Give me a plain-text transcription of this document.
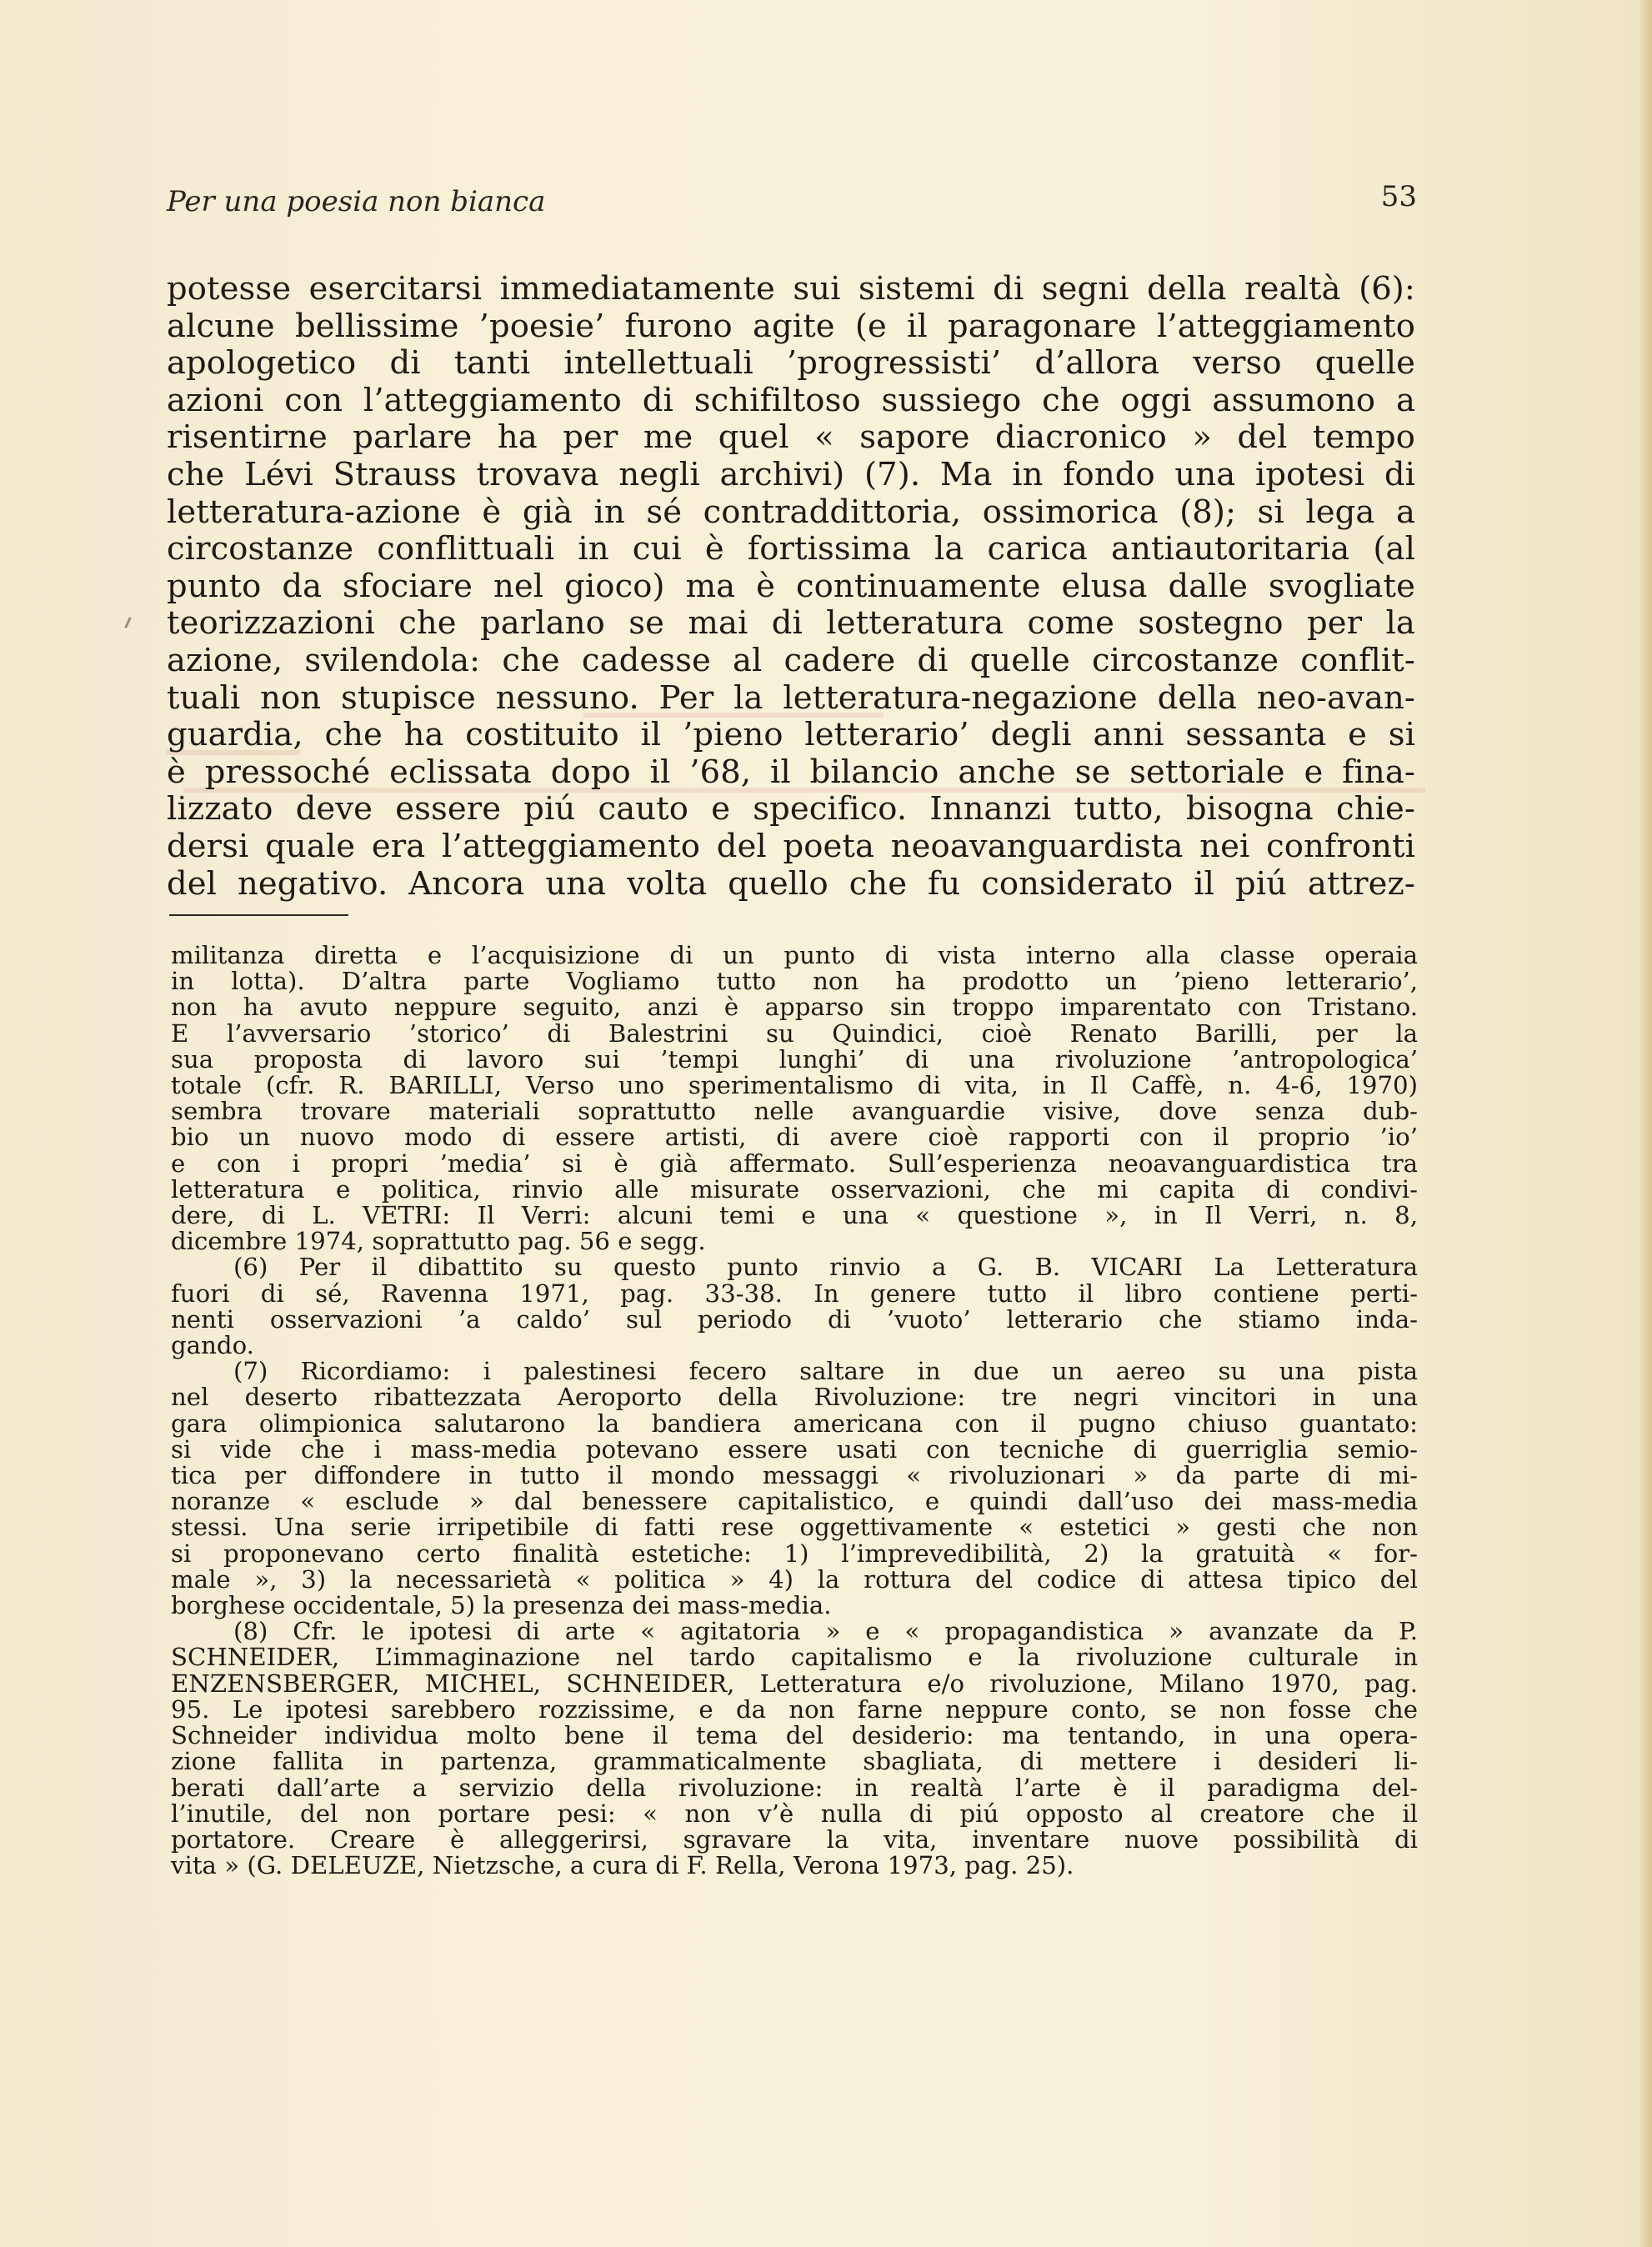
Per una poesia non bianca	53
potesse esercitarsi immediatamente sui sistemi di segni della realtà (6):
alcune bellissime ’poesie’ furono agite (e il paragonare l’atteggiamento
apologetico di tanti intellettuali ’progressisti’ d’allora verso quelle
azioni con l’atteggiamento di schifiltoso sussiego che oggi assumono a
risentirne parlare ha per me quel « sapore diacronico » del tempo
che Lévi Strauss trovava negli archivi) (7). Ma in fondo una ipotesi di
letteratura-azione è già in sé contraddittoria, ossimorica (8); si lega a
circostanze conflittuali in cui è fortissima la carica antiautoritaria (al
punto da sfociare nel gioco) ma è continuamente elusa dalle svogliate
teorizzazioni che parlano se mai di letteratura come sostegno per la
azione, svilendola: che cadesse al cadere di quelle circostanze conflit-
tuali non stupisce nessuno. Per la letteratura-negazione della neo-avan-
guardia, che ha costituito il ’pieno letterario’ degli anni sessanta e si
è pressoché eclissata dopo il ’68, il bilancio anche se settoriale e fina-
lizzato deve essere piú cauto e specifico. Innanzi tutto, bisogna chie-
dersi quale era l’atteggiamento del poeta neoavanguardista nei confronti
del negativo. Ancora una volta quello che fu considerato il piú attrez-
militanza diretta e l’acquisizione di un punto di vista interno alla classe operaia
in lotta). D’altra parte Vogliamo tutto non ha prodotto un ’pieno letterario’,
non ha avuto neppure seguito, anzi è apparso sin troppo imparentato con Tristano.
E l’avversario ’storico’ di Balestrini su Quindici, cioè Renato Barilli, per la
sua proposta di lavoro sui ’tempi lunghi’ di una rivoluzione ’antropologica’
totale (cfr. R. BARILLI, Verso uno sperimentalismo di vita, in Il Caffè, n. 4-6, 1970)
sembra trovare materiali soprattutto nelle avanguardie visive, dove senza dub-
bio un nuovo modo di essere artisti, di avere cioè rapporti con il proprio ’io’
e con i propri ’media’ si è già affermato. Sull’esperienza neoavanguardistica tra
letteratura e politica, rinvio alle misurate osservazioni, che mi capita di condivi-
dere, di L. VETRI: Il Verri: alcuni temi e una « questione », in Il Verri, n. 8,
dicembre 1974, soprattutto pag. 56 e segg.
(6) Per il dibattito su questo punto rinvio a G. B. VICARI La Letteratura
fuori di sé, Ravenna 1971, pag. 33-38. In genere tutto il libro contiene perti-
nenti osservazioni ’a caldo’ sul periodo di ’vuoto’ letterario che stiamo inda-
gando.
(7) Ricordiamo: i palestinesi fecero saltare in due un aereo su una pista
nel deserto ribattezzata Aeroporto della Rivoluzione: tre negri vincitori in una
gara olimpionica salutarono la bandiera americana con il pugno chiuso guantato:
si vide che i mass-media potevano essere usati con tecniche di guerriglia semio-
tica per diffondere in tutto il mondo messaggi « rivoluzionari » da parte di mi-
noranze « esclude » dal benessere capitalistico, e quindi dall’uso dei mass-media
stessi. Una serie irripetibile di fatti rese oggettivamente « estetici » gesti che non
si proponevano certo finalità estetiche: 1) l’imprevedibilità, 2) la gratuità « for-
male », 3) la necessarietà « politica » 4) la rottura del codice di attesa tipico del
borghese occidentale, 5) la presenza dei mass-media.
(8) Cfr. le ipotesi di arte « agitatoria » e « propagandistica » avanzate da P.
SCHNEIDER, L’immaginazione nel tardo capitalismo e la rivoluzione culturale in
ENZENSBERGER, MICHEL, SCHNEIDER, Letteratura e/o rivoluzione, Milano 1970, pag.
95. Le ipotesi sarebbero rozzissime, e da non farne neppure conto, se non fosse che
Schneider individua molto bene il tema del desiderio: ma tentando, in una opera-
zione fallita in partenza, grammaticalmente sbagliata, di mettere i desideri li-
berati dall’arte a servizio della rivoluzione: in realtà l’arte è il paradigma del-
l’inutile, del non portare pesi: « non v’è nulla di piú opposto al creatore che il
portatore. Creare è alleggerirsi, sgravare la vita, inventare nuove possibilità di
vita » (G. DELEUZE, Nietzsche, a cura di F. Rella, Verona 1973, pag. 25).
